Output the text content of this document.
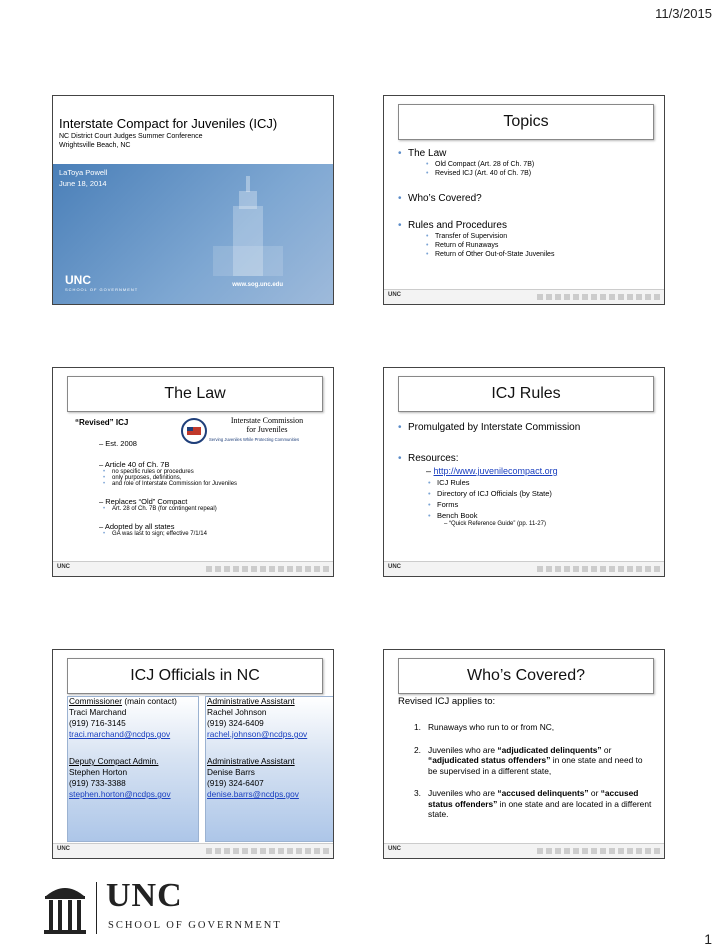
11/3/2015
Interstate Compact for Juveniles (ICJ)
NC District Court Judges Summer Conference
Wrightsville Beach, NC
LaToya Powell
June 18, 2014
UNC
SCHOOL OF GOVERNMENT
www.sog.unc.edu
Topics
• The Law
• Old Compact (Art. 28 of Ch. 7B)
• Revised ICJ (Art. 40 of Ch. 7B)
• Who’s Covered?
• Rules and Procedures
• Transfer of Supervision
• Return of Runaways
• Return of Other Out-of-State Juveniles
UNC
The Law
“Revised” ICJ	Interstate Commission
for Juveniles
Serving Juveniles While Protecting Communities
– Est. 2008
– Article 40 of Ch. 7B
• no specific rules or procedures
• only purposes, definitions,
• and role of Interstate Commission for Juveniles
– Replaces “Old” Compact
• Art. 28 of Ch. 7B (for contingent repeal)
– Adopted by all states
• GA was last to sign; effective 7/1/14
UNC
ICJ Rules
• Promulgated by Interstate Commission
• Resources:
– http://www.juvenilecompact.org
• ICJ Rules
• Directory of ICJ Officials (by State)
• Forms
• Bench Book
– “Quick Reference Guide” (pp. 11-27)
UNC
ICJ Officials in NC
Commissioner (main contact)
Traci Marchand
(919) 716-3145
traci.marchand@ncdps.gov
Deputy Compact Admin.
Stephen Horton
(919) 733-3388
stephen.horton@ncdps.gov
Administrative Assistant
Rachel Johnson
(919) 324-6409
rachel.johnson@ncdps.gov
Administrative Assistant
Denise Barrs
(919) 324-6407
denise.barrs@ncdps.gov
UNC
Who’s Covered?
Revised ICJ applies to:
1. Runaways who run to or from NC,
2. Juveniles who are “adjudicated delinquents” or “adjudicated status offenders” in one state and need to be supervised in a different state,
3. Juveniles who are “accused delinquents” or “accused status offenders” in one state and are located in a different state.
UNC
UNC
SCHOOL OF GOVERNMENT
1
